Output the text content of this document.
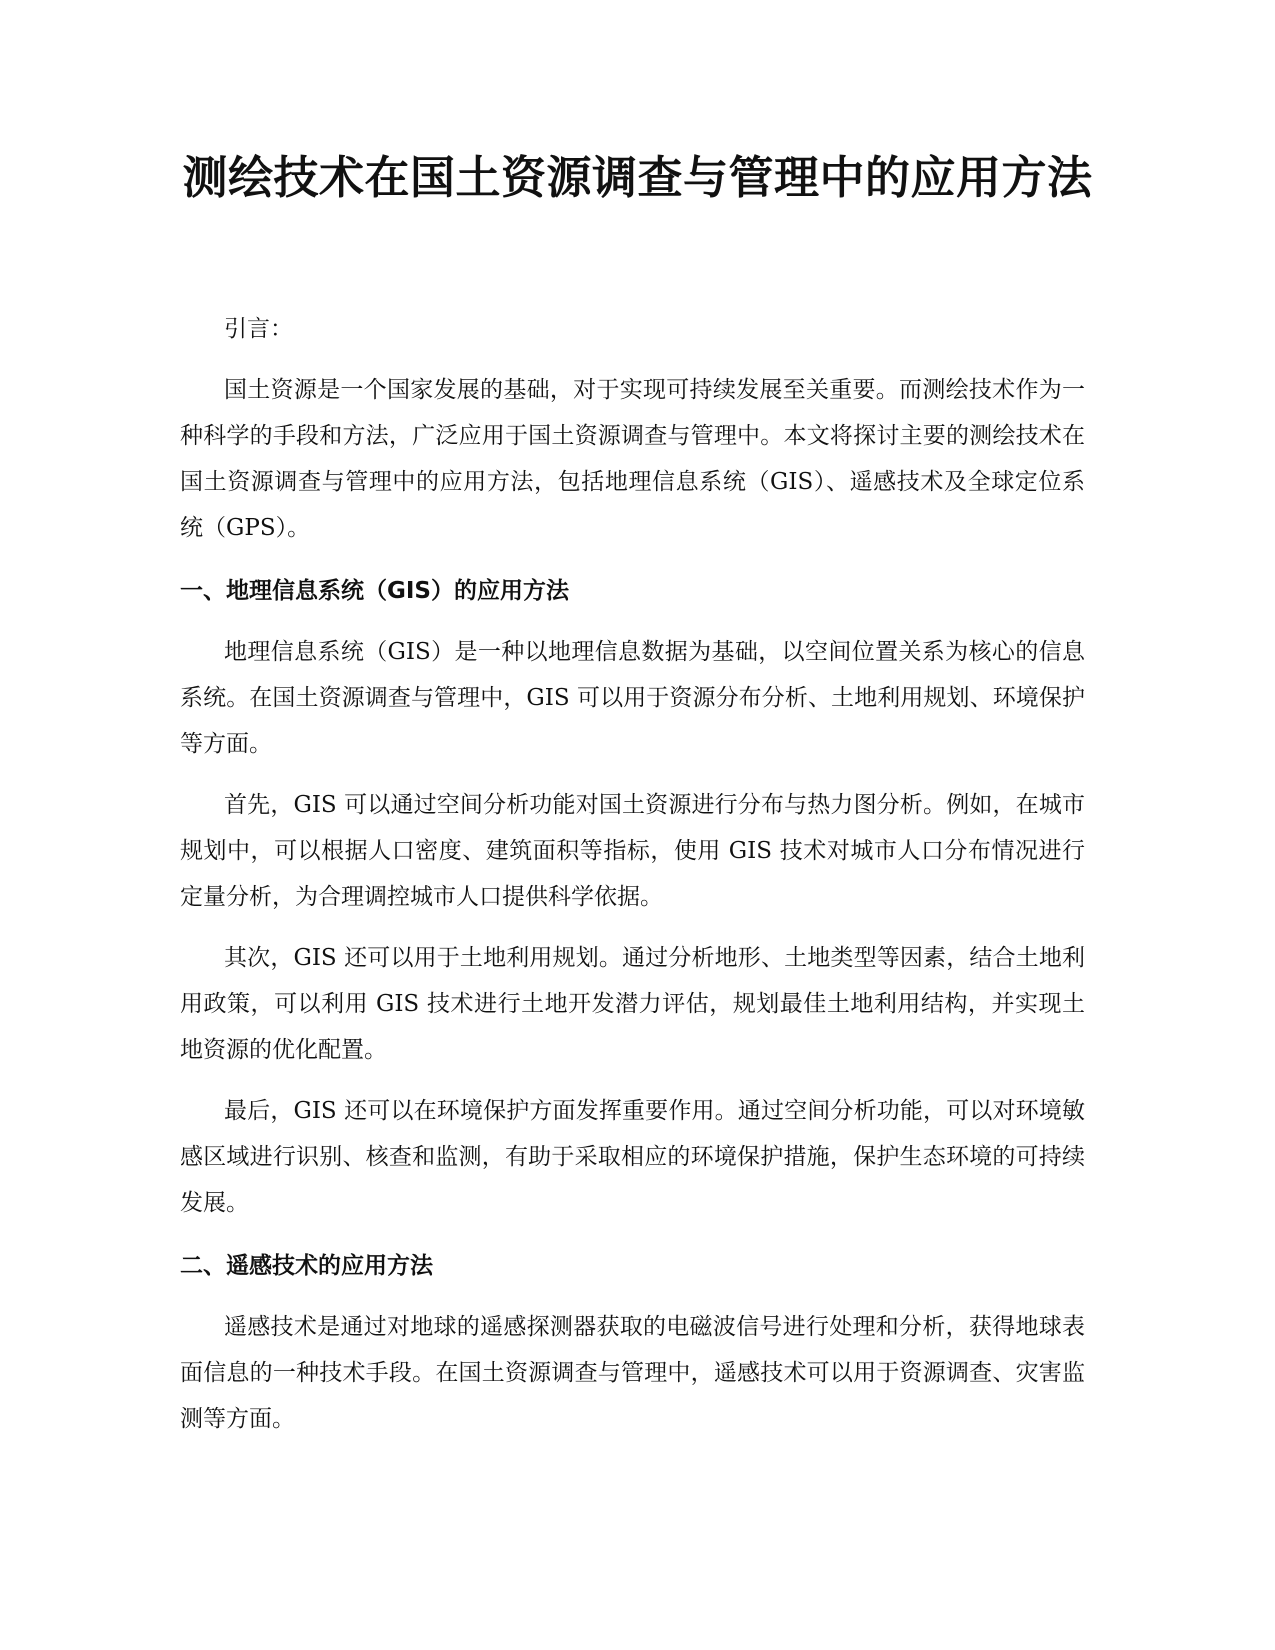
测绘技术在国土资源调查与管理中的应用方法

引言：

国土资源是一个国家发展的基础，对于实现可持续发展至关重要。而测绘技术作为一种科学的手段和方法，广泛应用于国土资源调查与管理中。本文将探讨主要的测绘技术在国土资源调查与管理中的应用方法，包括地理信息系统（GIS）、遥感技术及全球定位系统（GPS）。

一、地理信息系统（GIS）的应用方法

地理信息系统（GIS）是一种以地理信息数据为基础，以空间位置关系为核心的信息系统。在国土资源调查与管理中，GIS 可以用于资源分布分析、土地利用规划、环境保护等方面。

首先，GIS 可以通过空间分析功能对国土资源进行分布与热力图分析。例如，在城市规划中，可以根据人口密度、建筑面积等指标，使用 GIS 技术对城市人口分布情况进行定量分析，为合理调控城市人口提供科学依据。

其次，GIS 还可以用于土地利用规划。通过分析地形、土地类型等因素，结合土地利用政策，可以利用 GIS 技术进行土地开发潜力评估，规划最佳土地利用结构，并实现土地资源的优化配置。

最后，GIS 还可以在环境保护方面发挥重要作用。通过空间分析功能，可以对环境敏感区域进行识别、核查和监测，有助于采取相应的环境保护措施，保护生态环境的可持续发展。

二、遥感技术的应用方法

遥感技术是通过对地球的遥感探测器获取的电磁波信号进行处理和分析，获得地球表面信息的一种技术手段。在国土资源调查与管理中，遥感技术可以用于资源调查、灾害监测等方面。
